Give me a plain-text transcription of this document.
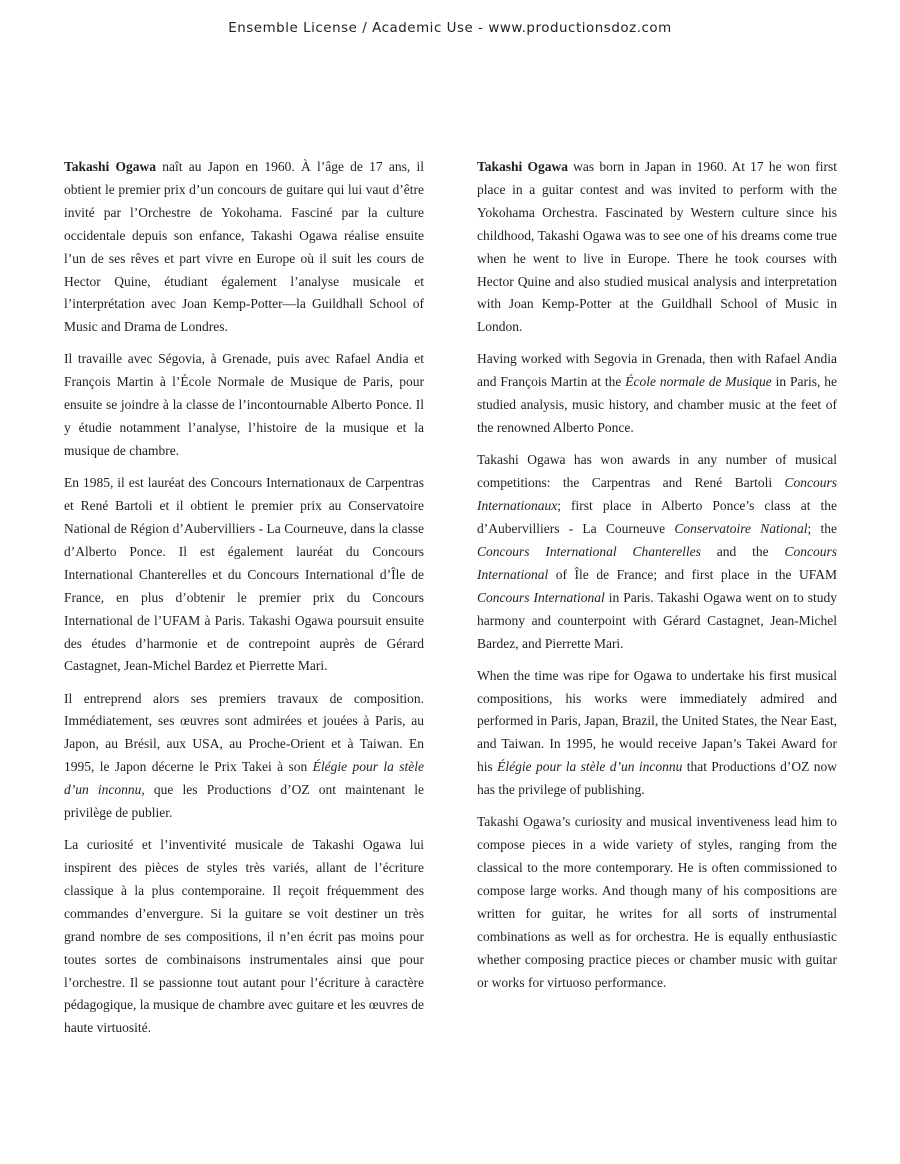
Ensemble License / Academic Use - www.productionsdoz.com

Takashi Ogawa naît au Japon en 1960. À l’âge de 17 ans, il obtient le premier prix d’un concours de guitare qui lui vaut d’être invité par l’Orchestre de Yokohama. Fasciné par la culture occidentale depuis son enfance, Takashi Ogawa réalise ensuite l’un de ses rêves et part vivre en Europe où il suit les cours de Hector Quine, étudiant également l’analyse musicale et l’interprétation avec Joan Kemp-Potter—la Guildhall School of Music and Drama de Londres.

Il travaille avec Ségovia, à Grenade, puis avec Rafael Andia et François Martin à l’École Normale de Musique de Paris, pour ensuite se joindre à la classe de l’incontournable Alberto Ponce. Il y étudie notamment l’analyse, l’histoire de la musique et la musique de chambre.

En 1985, il est lauréat des Concours Internationaux de Carpentras et René Bartoli et il obtient le premier prix au Conservatoire National de Région d’Aubervilliers - La Courneuve, dans la classe d’Alberto Ponce. Il est également lauréat du Concours International Chanterelles et du Concours International d’Île de France, en plus d’obtenir le premier prix du Concours International de l’UFAM à Paris. Takashi Ogawa poursuit ensuite des études d’harmonie et de contrepoint auprès de Gérard Castagnet, Jean-Michel Bardez et Pierrette Mari.

Il entreprend alors ses premiers travaux de composition. Immédiatement, ses œuvres sont admirées et jouées à Paris, au Japon, au Brésil, aux USA, au Proche-Orient et à Taiwan. En 1995, le Japon décerne le Prix Takei à son Élégie pour la stèle d’un inconnu, que les Productions d’OZ ont maintenant le privilège de publier.

La curiosité et l’inventivité musicale de Takashi Ogawa lui inspirent des pièces de styles très variés, allant de l’écriture classique à la plus contemporaine. Il reçoit fréquemment des commandes d’envergure. Si la guitare se voit destiner un très grand nombre de ses compositions, il n’en écrit pas moins pour toutes sortes de combinaisons instrumentales ainsi que pour l’orchestre. Il se passionne tout autant pour l’écriture à caractère pédagogique, la musique de chambre avec guitare et les œuvres de haute virtuosité.

Takashi Ogawa was born in Japan in 1960. At 17 he won first place in a guitar contest and was invited to perform with the Yokohama Orchestra. Fascinated by Western culture since his childhood, Takashi Ogawa was to see one of his dreams come true when he went to live in Europe. There he took courses with Hector Quine and also studied musical analysis and interpretation with Joan Kemp-Potter at the Guildhall School of Music in London.

Having worked with Segovia in Grenada, then with Rafael Andia and François Martin at the École normale de Musique in Paris, he studied analysis, music history, and chamber music at the feet of the renowned Alberto Ponce.

Takashi Ogawa has won awards in any number of musical competitions: the Carpentras and René Bartoli Concours Internationaux; first place in Alberto Ponce’s class at the d’Aubervilliers - La Courneuve Conservatoire National; the Concours International Chanterelles and the Concours International of Île de France; and first place in the UFAM Concours International in Paris. Takashi Ogawa went on to study harmony and counterpoint with Gérard Castagnet, Jean-Michel Bardez, and Pierrette Mari.

When the time was ripe for Ogawa to undertake his first musical compositions, his works were immediately admired and performed in Paris, Japan, Brazil, the United States, the Near East, and Taiwan. In 1995, he would receive Japan’s Takei Award for his Élégie pour la stèle d’un inconnu that Productions d’OZ now has the privilege of publishing.

Takashi Ogawa’s curiosity and musical inventiveness lead him to compose pieces in a wide variety of styles, ranging from the classical to the more contemporary. He is often commissioned to compose large works. And though many of his compositions are written for guitar, he writes for all sorts of instrumental combinations as well as for orchestra. He is equally enthusiastic whether composing practice pieces or chamber music with guitar or works for virtuoso performance.
